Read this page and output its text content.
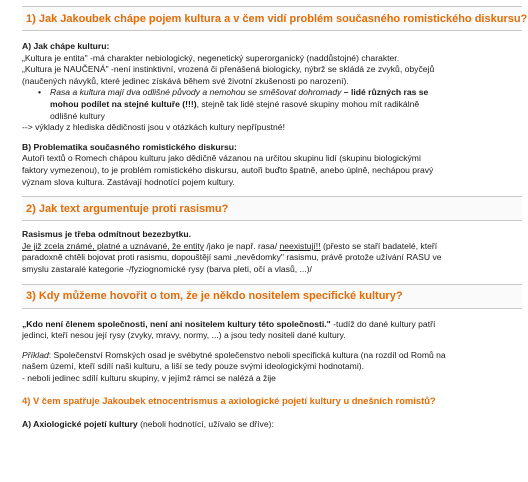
1) Jak Jakoubek chápe pojem kultura a v čem vidí problém současného romistického diskursu?
A) Jak chápe kulturu:
„Kultura je entita" -má charakter nebiologický, negenetický superorganický (naddůstojné) charakter.
„Kultura je NAUČENÁ" -není instinktivní, vrozená či přenášená biologicky, nýbrž se skládá ze zvyků, obyčejů
(naučených návyků, které jedinec získává během své životní zkušenosti po narození).
•	Rasa a kultura mají dva odlišné původy a nemohou se směšovat dohromady – lidé různých ras se
mohou podílet na stejné kultuře (!!!), stejně tak lidé stejné rasové skupiny mohou mít radikálně
odlišné kultury
--> výklady z hlediska dědičnosti jsou v otázkách kultury nepřípustné!
B) Problematika současného romistického diskursu:
Autoři textů o Romech chápou kulturu jako dědičně vázanou na určitou skupinu lidí (skupinu biologickými
faktory vymezenou), to je problém romistického diskursu, autoři buďto špatně, anebo úplně, nechápou pravý
význam slova kultura. Zastávají hodnotící pojem kultury.
2) Jak text argumentuje proti rasismu?
Rasismus je třeba odmítnout bezezbytku.
Je již zcela známé, platné a uznávané, že entity /jako je např. rasa/ neexistují!! (přesto se staří badatelé, kteří
paradoxně chtěli bojovat proti rasismu, dopouštějí sami „nevědomky" rasismu, právě protože užívání RASU ve
smyslu zastaralé kategorie -/fyziognomické rysy (barva pleti, očí a vlasů, ...)/
3) Kdy můžeme hovořit o tom, že je někdo nositelem specifické kultury?
„Kdo není členem společnosti, není ani nositelem kultury této společnosti." -tudíž do dané kultury patří
jedinci, kteří nesou její rysy (zvyky, mravy, normy, ...) a jsou tedy nositeli dané kultury.
Příklad: Společenství Romských osad je svébytné společenstvo neboli specifická kultura (na rozdíl od Romů na
našem území, kteří sdílí naši kulturu, a liší se tedy pouze svými ideologickými hodnotami).
- neboli jedinec sdílí kulturu skupiny, v jejímž rámci se nalézá a žije
4) V čem spatřuje Jakoubek etnocentrismus a axiologické pojetí kultury u dnešních romistů?
A) Axiologické pojetí kultury (neboli hodnotící, užívalo se dříve):
